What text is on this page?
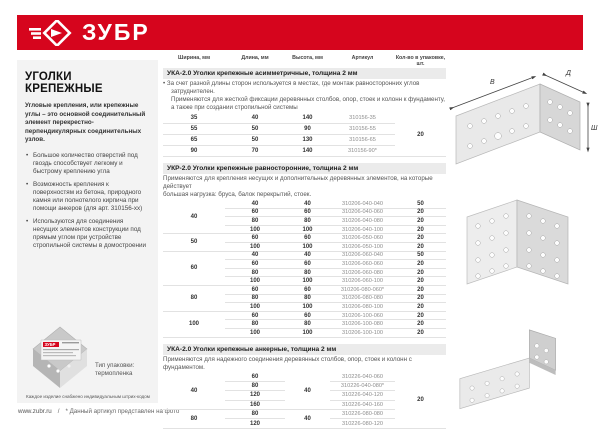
ЗУБР
УГОЛКИ КРЕПЕЖНЫЕ
Угловые крепления, или крепежные углы – это основной соединительный элемент перекрестно-перпендикулярных соединительных узлов.
• Большое количество отверстий под гвоздь способствует легкому и быстрому креплению угла
• Возможность крепления к поверхностям из бетона, природного камня или полнотелого кирпича при помощи анкеров (для арт. 310156-хх)
• Используются для соединения несущих элементов конструкции под прямым углом при устройстве стропильной системы в домостроении
ЗУБР
Тип упаковки:
термопленка
Каждое изделие снабжено индивидуальным штрих-кодом
www.zubr.ru / * Данный артикул представлен на фото
Ширина, мм	Длина, мм	Высота, мм	Артикул	Кол-во в упаковке, шт.
УКА-2.0 Уголки крепежные асимметричные, толщина 2 мм
• За счет разной длины сторон используется в местах, где монтаж равносторонних углов затруднителен.
Применяются для жесткой фиксации деревянных столбов, опор, стоек и колонн к фундаменту,
а также при создании стропильной системы
35	40	140	310156-35	20
55	50	90	310156-55	
65	50	130	310156-65	
90	70	140	310156-90*	
УКР-2.0 Уголки крепежные равносторонние, толщина 2 мм
Применяются для крепления несущих и дополнительных деревянных элементов, на которые действует
большая нагрузка: бруса, балок перекрытий, стоек.
40	40	40	310206-040-040	50
	60	60	310206-040-060	20
	80	80	310206-040-080	20
	100	100	310206-040-100	20
50	60	60	310206-050-060	20
	100	100	310206-050-100	20
60	40	40	310206-060-040	50
	60	60	310206-060-060	20
	80	80	310206-060-080	20
	100	100	310206-060-100	20
80	60	60	310206-080-060*	20
	80	80	310206-080-080	20
	100	100	310206-080-100	20
100	60	60	310206-100-060	20
	80	80	310206-100-080	20
	100	100	310206-100-100	20
УКА-2.0 Уголки крепежные анкерные, толщина 2 мм
Применяются для надежного соединения деревянных столбов, опор, стоек и колонн с фундаментом.
40	60	40	310226-040-060	20
	80		310226-040-080*	
	120		310226-040-120	
	160		310226-040-160	
80	80	40	310226-080-080	
	120		310226-080-120	
В
Д
Ш
